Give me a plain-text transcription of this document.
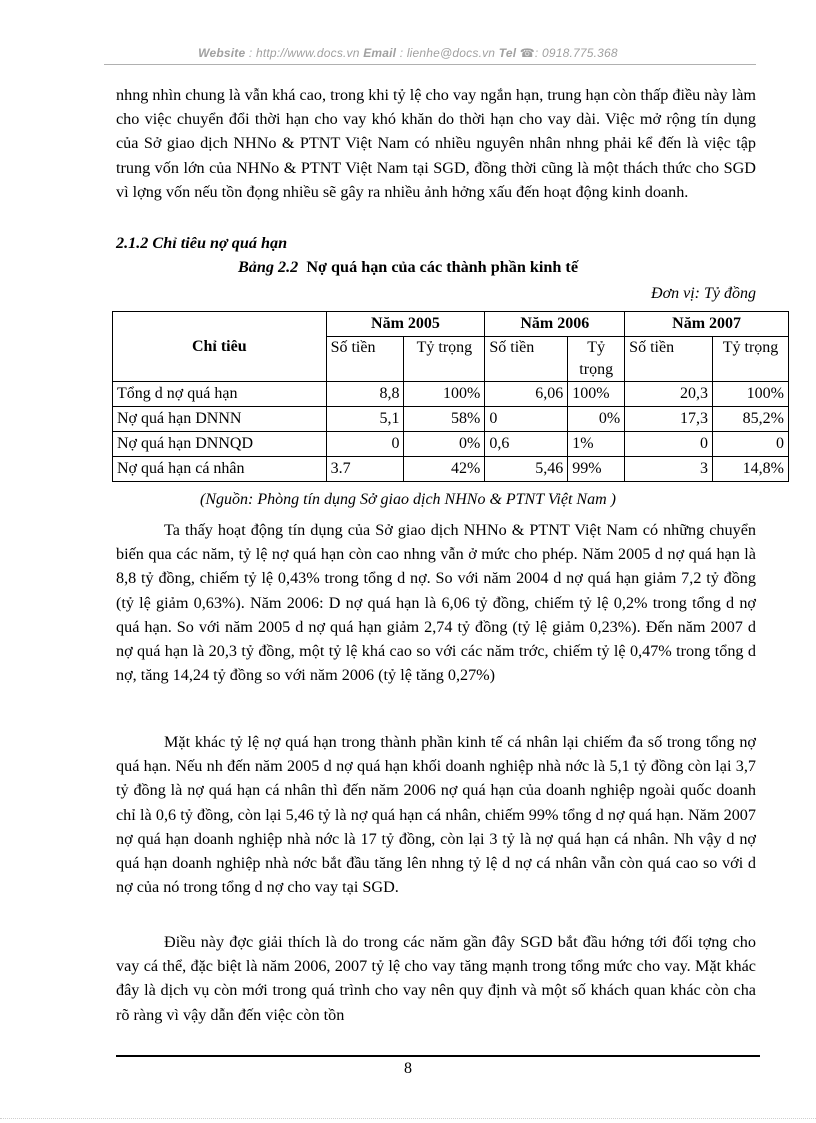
Website : http://www.docs.vn Email : lienhe@docs.vn Tel ☎: 0918.775.368

nhng nhìn chung là vẫn khá cao, trong khi tỷ lệ cho vay ngắn hạn, trung hạn còn thấp điều này làm cho việc chuyển đổi thời hạn cho vay khó khăn do thời hạn cho vay dài. Việc mở rộng tín dụng của Sở giao dịch NHNo & PTNT Việt Nam có nhiều nguyên nhân nhng phải kể đến là việc tập trung vốn lớn của NHNo & PTNT Việt Nam tại SGD, đồng thời cũng là một thách thức cho SGD vì lợng vốn nếu tồn đọng nhiều sẽ gây ra nhiều ảnh hởng xấu đến hoạt động kinh doanh.

2.1.2 Chỉ tiêu nợ quá hạn
Bảng 2.2 Nợ quá hạn của các thành phần kinh tế
Đơn vị: Tỷ đồng
Chỉ tiêu	Năm 2005		Năm 2006		Năm 2007	
	Số tiền	Tỷ trọng	Số tiền	Tỷ trọng	Số tiền	Tỷ trọng

Tổng d nợ quá hạn	8,8	100%	6,06	100%	20,3	100%
Nợ quá hạn DNNN	5,1	58%	0	0%	17,3	85,2%
Nợ quá hạn DNNQD	0	0%	0,6	1%	0	0
Nợ quá hạn cá nhân	3.7	42%	5,46	99%	3	14,8%
(Nguồn: Phòng tín dụng Sở giao dịch NHNo & PTNT Việt Nam )

Ta thấy hoạt động tín dụng của Sở giao dịch NHNo & PTNT Việt Nam có những chuyển biến qua các năm, tỷ lệ nợ quá hạn còn cao nhng vẫn ở mức cho phép. Năm 2005 d nợ quá hạn là 8,8 tỷ đồng, chiếm tỷ lệ 0,43% trong tổng d nợ. So với năm 2004 d nợ quá hạn giảm 7,2 tỷ đồng (tỷ lệ giảm 0,63%). Năm 2006: D nợ quá hạn là 6,06 tỷ đồng, chiếm tỷ lệ 0,2% trong tổng d nợ quá hạn. So với năm 2005 d nợ quá hạn giảm 2,74 tỷ đồng (tỷ lệ giảm 0,23%). Đến năm 2007 d nợ quá hạn là 20,3 tỷ đồng, một tỷ lệ khá cao so với các năm trớc, chiếm tỷ lệ 0,47% trong tổng d nợ, tăng 14,24 tỷ đồng so với năm 2006 (tỷ lệ tăng 0,27%)

Mặt khác tỷ lệ nợ quá hạn trong thành phần kinh tế cá nhân lại chiếm đa số trong tổng nợ quá hạn. Nếu nh đến năm 2005 d nợ quá hạn khối doanh nghiệp nhà nớc là 5,1 tỷ đồng còn lại 3,7 tỷ đồng là nợ quá hạn cá nhân thì đến năm 2006 nợ quá hạn của doanh nghiệp ngoài quốc doanh chỉ là 0,6 tỷ đồng, còn lại 5,46 tỷ là nợ quá hạn cá nhân, chiếm 99% tổng d nợ quá hạn. Năm 2007 nợ quá hạn doanh nghiệp nhà nớc là 17 tỷ đồng, còn lại 3 tỷ là nợ quá hạn cá nhân. Nh vậy d nợ quá hạn doanh nghiệp nhà nớc bắt đầu tăng lên nhng tỷ lệ d nợ cá nhân vẫn còn quá cao so với d nợ của nó trong tổng d nợ cho vay tại SGD.

Điều này đợc giải thích là do trong các năm gần đây SGD bắt đầu hớng tới đối tợng cho vay cá thể, đặc biệt là năm 2006, 2007 tỷ lệ cho vay tăng mạnh trong tổng mức cho vay. Mặt khác đây là dịch vụ còn mới trong quá trình cho vay nên quy định và một số khách quan khác còn cha rõ ràng vì vậy dẫn đến việc còn tồn

8
